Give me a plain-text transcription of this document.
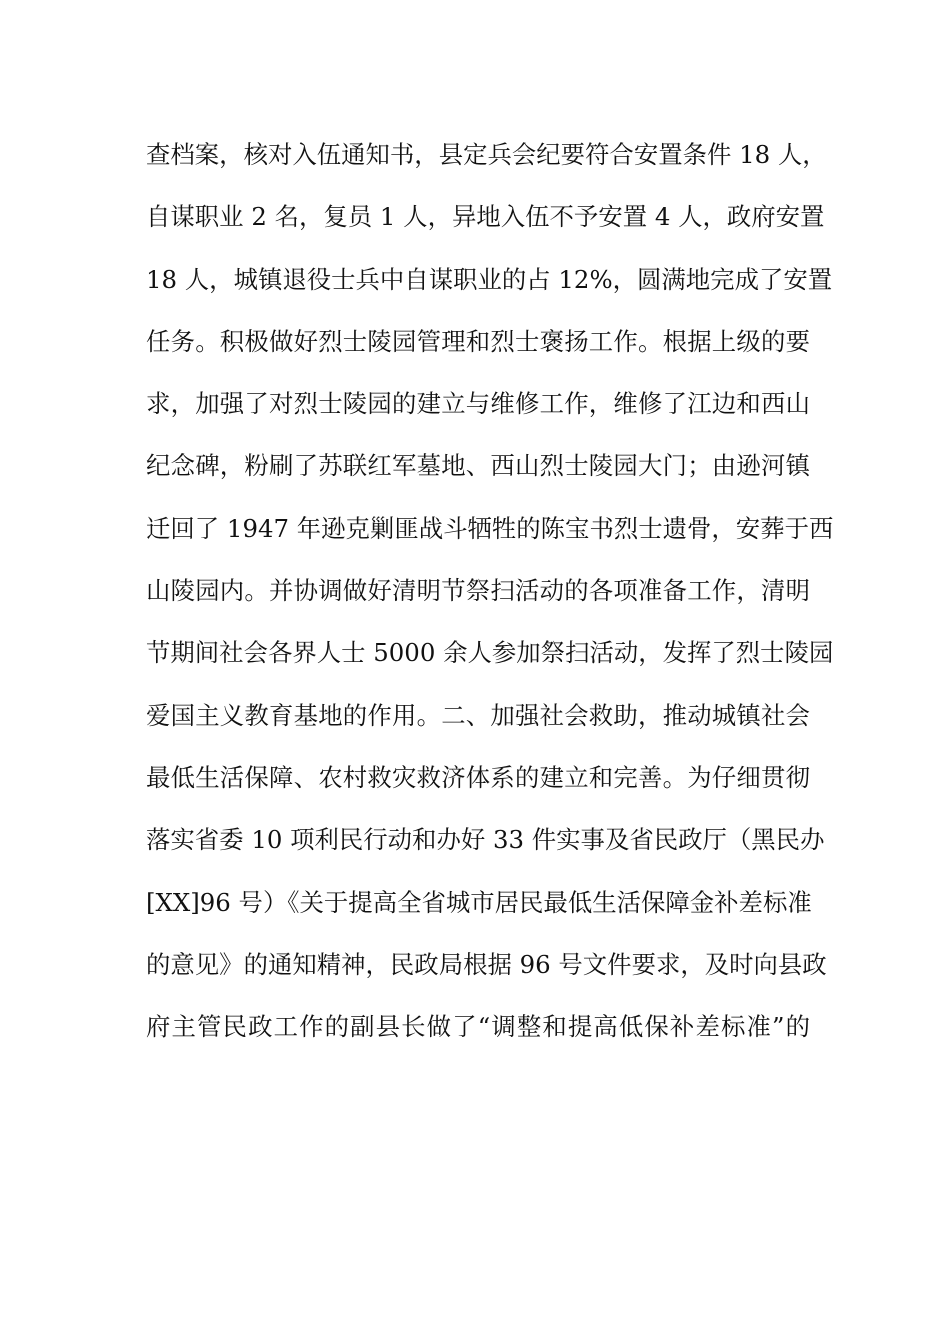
查档案，核对入伍通知书，县定兵会纪要符合安置条件 18 人，
自谋职业 2 名，复员 1 人，异地入伍不予安置 4 人，政府安置
18 人，城镇退役士兵中自谋职业的占 12%，圆满地完成了安置
任务。积极做好烈士陵园管理和烈士褒扬工作。根据上级的要
求，加强了对烈士陵园的建立与维修工作，维修了江边和西山
纪念碑，粉刷了苏联红军墓地、西山烈士陵园大门；由逊河镇
迁回了 1947 年逊克剿匪战斗牺牲的陈宝书烈士遗骨，安葬于西
山陵园内。并协调做好清明节祭扫活动的各项准备工作，清明
节期间社会各界人士 5000 余人参加祭扫活动，发挥了烈士陵园
爱国主义教育基地的作用。二、加强社会救助，推动城镇社会
最低生活保障、农村救灾救济体系的建立和完善。为仔细贯彻
落实省委 10 项利民行动和办好 33 件实事及省民政厅（黑民办
[XX]96 号）《关于提高全省城市居民最低生活保障金补差标准
的意见》的通知精神，民政局根据 96 号文件要求，及时向县政
府主管民政工作的副县长做了“调整和提高低保补差标准”的
